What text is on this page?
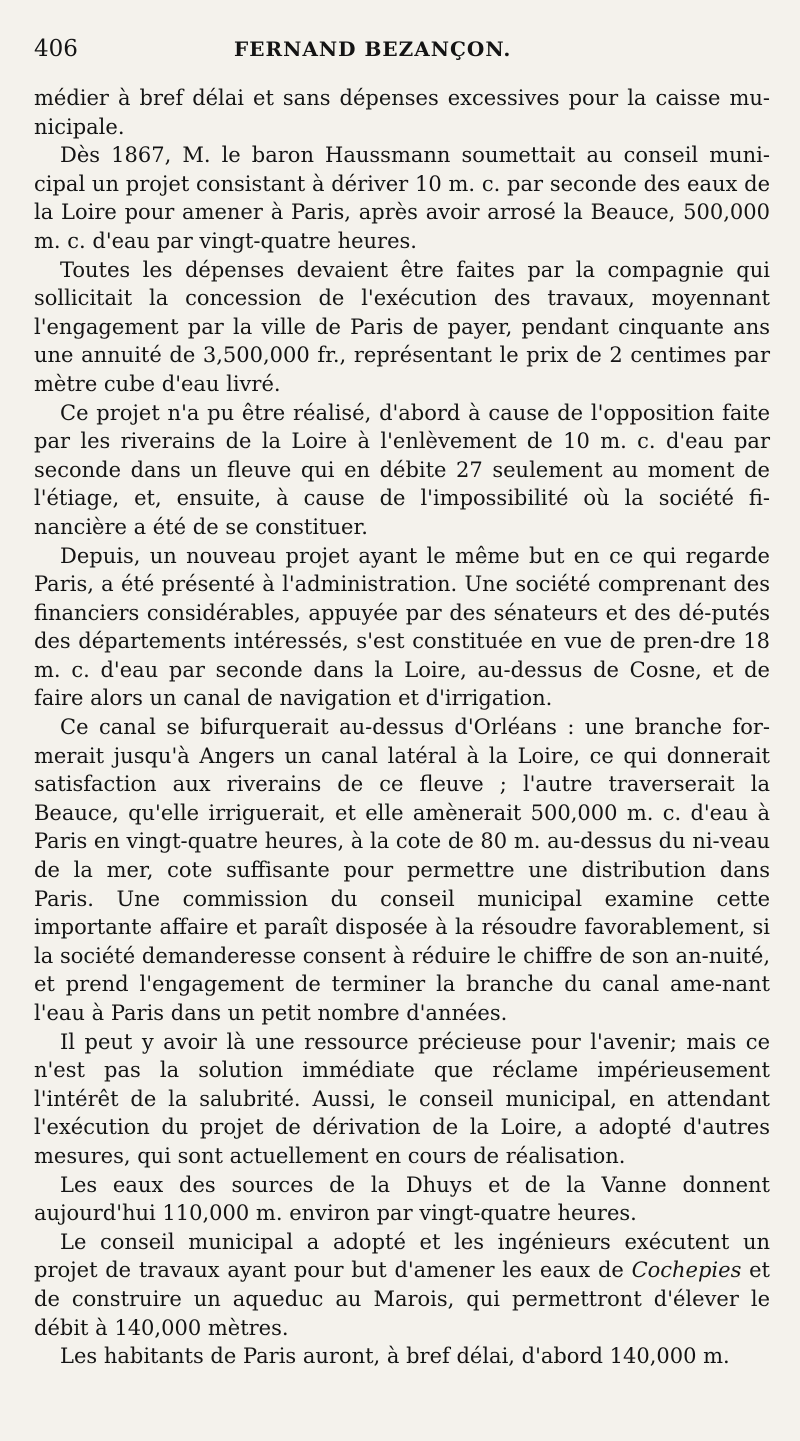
406	FERNAND BEZANÇON.

médier à bref délai et sans dépenses excessives pour la caisse mu-nicipale.

Dès 1867, M. le baron Haussmann soumettait au conseil muni-cipal un projet consistant à dériver 10 m. c. par seconde des eaux de la Loire pour amener à Paris, après avoir arrosé la Beauce, 500,000 m. c. d'eau par vingt-quatre heures.

Toutes les dépenses devaient être faites par la compagnie qui sollicitait la concession de l'exécution des travaux, moyennant l'engagement par la ville de Paris de payer, pendant cinquante ans une annuité de 3,500,000 fr., représentant le prix de 2 centimes par mètre cube d'eau livré.

Ce projet n'a pu être réalisé, d'abord à cause de l'opposition faite par les riverains de la Loire à l'enlèvement de 10 m. c. d'eau par seconde dans un fleuve qui en débite 27 seulement au moment de l'étiage, et, ensuite, à cause de l'impossibilité où la société fi-nancière a été de se constituer.

Depuis, un nouveau projet ayant le même but en ce qui regarde Paris, a été présenté à l'administration. Une société comprenant des financiers considérables, appuyée par des sénateurs et des dé-putés des départements intéressés, s'est constituée en vue de pren-dre 18 m. c. d'eau par seconde dans la Loire, au-dessus de Cosne, et de faire alors un canal de navigation et d'irrigation.

Ce canal se bifurquerait au-dessus d'Orléans : une branche for-merait jusqu'à Angers un canal latéral à la Loire, ce qui donnerait satisfaction aux riverains de ce fleuve ; l'autre traverserait la Beauce, qu'elle irriguerait, et elle amènerait 500,000 m. c. d'eau à Paris en vingt-quatre heures, à la cote de 80 m. au-dessus du ni-veau de la mer, cote suffisante pour permettre une distribution dans Paris. Une commission du conseil municipal examine cette importante affaire et paraît disposée à la résoudre favorablement, si la société demanderesse consent à réduire le chiffre de son an-nuité, et prend l'engagement de terminer la branche du canal ame-nant l'eau à Paris dans un petit nombre d'années.

Il peut y avoir là une ressource précieuse pour l'avenir; mais ce n'est pas la solution immédiate que réclame impérieusement l'intérêt de la salubrité. Aussi, le conseil municipal, en attendant l'exécution du projet de dérivation de la Loire, a adopté d'autres mesures, qui sont actuellement en cours de réalisation.

Les eaux des sources de la Dhuys et de la Vanne donnent aujourd'hui 110,000 m. environ par vingt-quatre heures.

Le conseil municipal a adopté et les ingénieurs exécutent un projet de travaux ayant pour but d'amener les eaux de Cochepies et de construire un aqueduc au Marois, qui permettront d'élever le débit à 140,000 mètres.

Les habitants de Paris auront, à bref délai, d'abord 140,000 m.
